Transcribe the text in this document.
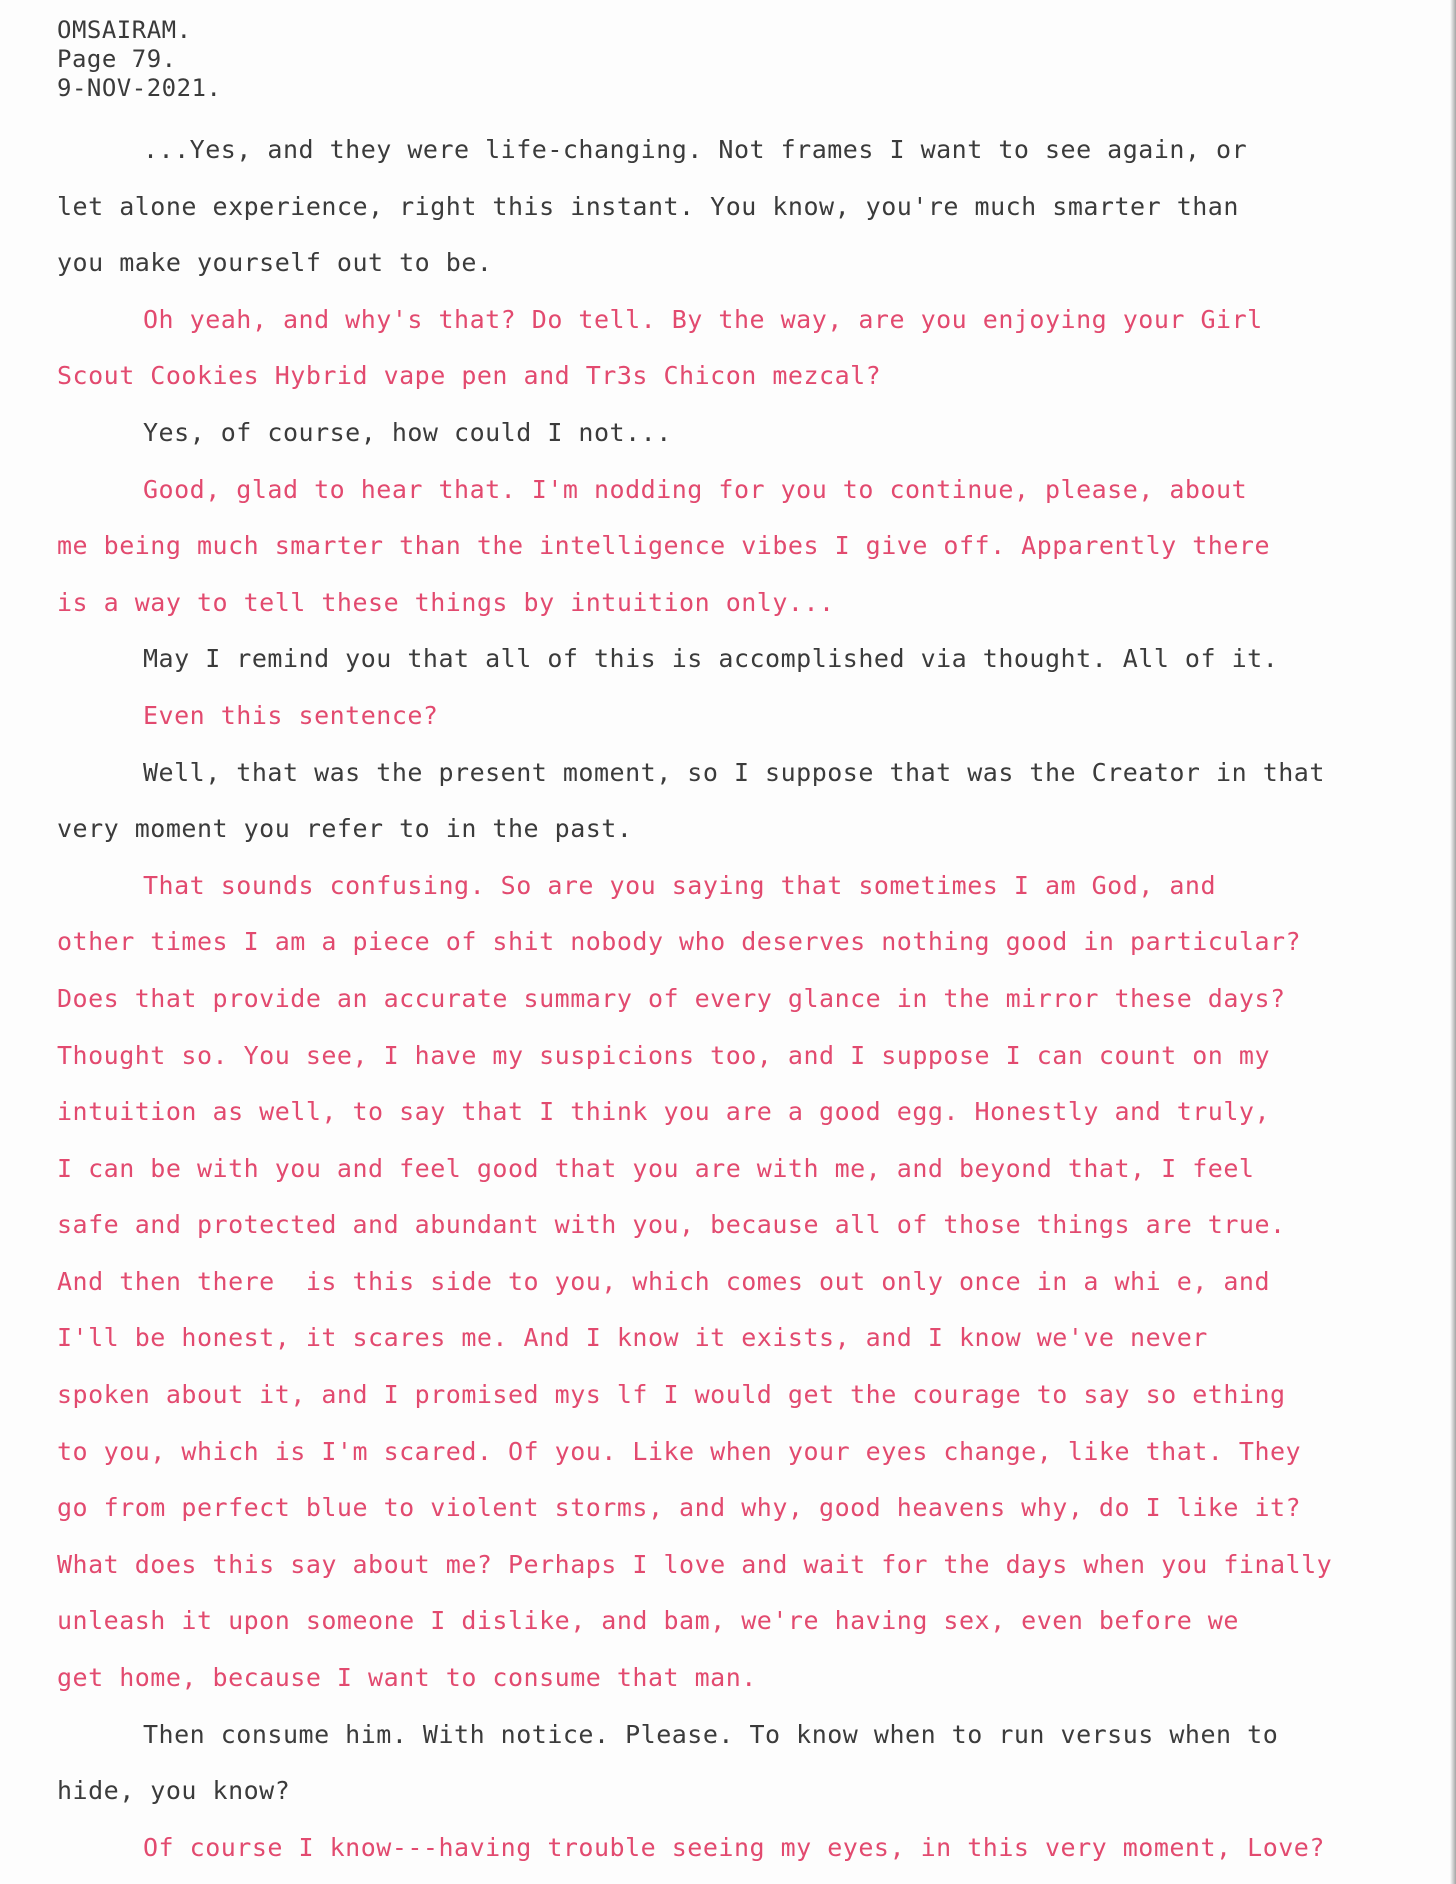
OMSAIRAM.
Page 79.
9-NOV-2021.
...Yes, and they were life-changing. Not frames I want to see again, or
let alone experience, right this instant. You know, you're much smarter than
you make yourself out to be.
Oh yeah, and why's that? Do tell. By the way, are you enjoying your Girl
Scout Cookies Hybrid vape pen and Tr3s Chicon mezcal?
Yes, of course, how could I not...
Good, glad to hear that. I'm nodding for you to continue, please, about
me being much smarter than the intelligence vibes I give off. Apparently there
is a way to tell these things by intuition only...
May I remind you that all of this is accomplished via thought. All of it.
Even this sentence?
Well, that was the present moment, so I suppose that was the Creator in that
very moment you refer to in the past.
That sounds confusing. So are you saying that sometimes I am God, and
other times I am a piece of shit nobody who deserves nothing good in particular?
Does that provide an accurate summary of every glance in the mirror these days?
Thought so. You see, I have my suspicions too, and I suppose I can count on my
intuition as well, to say that I think you are a good egg. Honestly and truly,
I can be with you and feel good that you are with me, and beyond that, I feel
safe and protected and abundant with you, because all of those things are true.
And then there  is this side to you, which comes out only once in a whi e, and
I'll be honest, it scares me. And I know it exists, and I know we've never
spoken about it, and I promised mys lf I would get the courage to say so ething
to you, which is I'm scared. Of you. Like when your eyes change, like that. They
go from perfect blue to violent storms, and why, good heavens why, do I like it?
What does this say about me? Perhaps I love and wait for the days when you finally
unleash it upon someone I dislike, and bam, we're having sex, even before we
get home, because I want to consume that man.
Then consume him. With notice. Please. To know when to run versus when to
hide, you know?
Of course I know---having trouble seeing my eyes, in this very moment, Love?
